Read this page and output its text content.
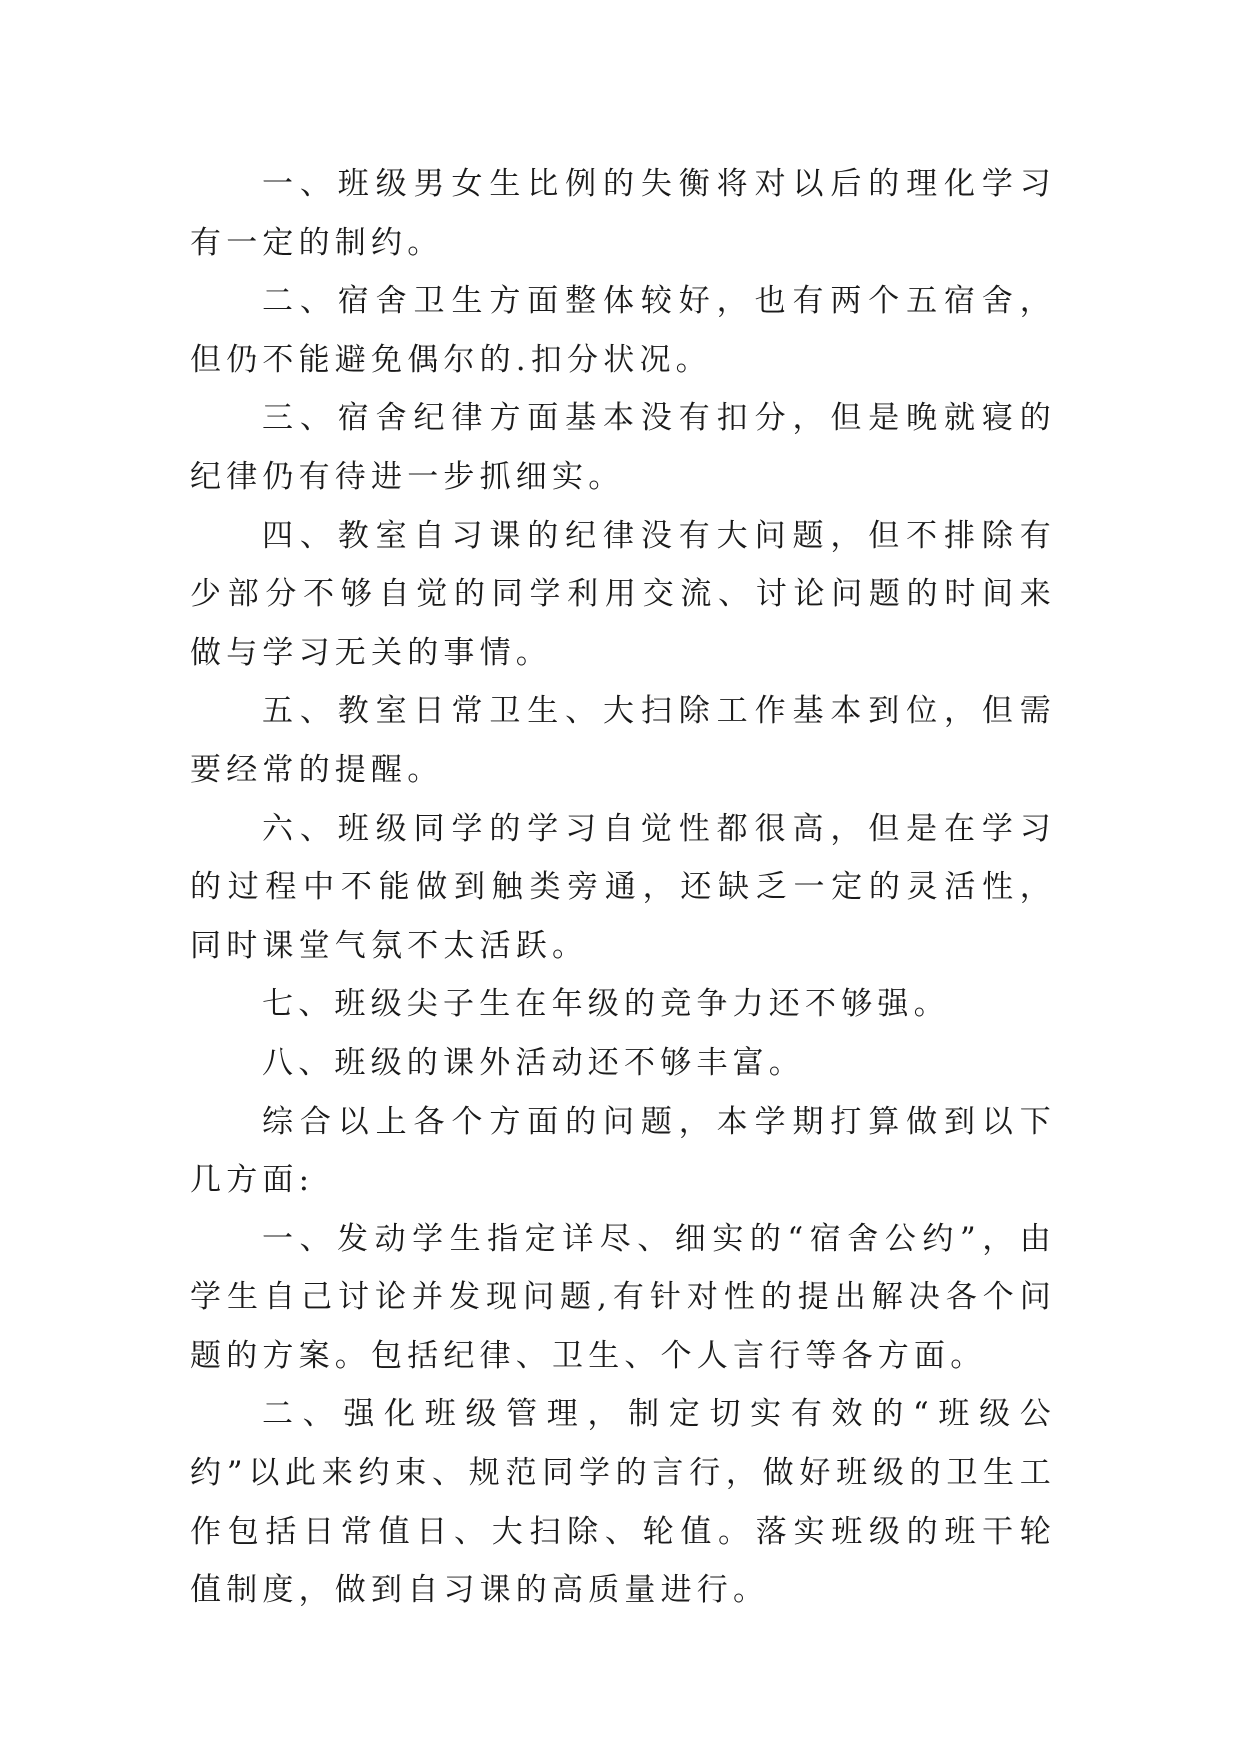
一、班级男女生比例的失衡将对以后的理化学习有一定的制约。

二、宿舍卫生方面整体较好，也有两个五宿舍，但仍不能避免偶尔的.扣分状况。

三、宿舍纪律方面基本没有扣分，但是晚就寝的纪律仍有待进一步抓细实。

四、教室自习课的纪律没有大问题，但不排除有少部分不够自觉的同学利用交流、讨论问题的时间来做与学习无关的事情。

五、教室日常卫生、大扫除工作基本到位，但需要经常的提醒。

六、班级同学的学习自觉性都很高，但是在学习的过程中不能做到触类旁通，还缺乏一定的灵活性，同时课堂气氛不太活跃。

七、班级尖子生在年级的竞争力还不够强。

八、班级的课外活动还不够丰富。

综合以上各个方面的问题，本学期打算做到以下几方面:

一、发动学生指定详尽、细实的“宿舍公约”，由学生自己讨论并发现问题,有针对性的提出解决各个问题的方案。包括纪律、卫生、个人言行等各方面。

二、强化班级管理，制定切实有效的“班级公约”以此来约束、规范同学的言行，做好班级的卫生工作包括日常值日、大扫除、轮值。落实班级的班干轮值制度，做到自习课的高质量进行。
